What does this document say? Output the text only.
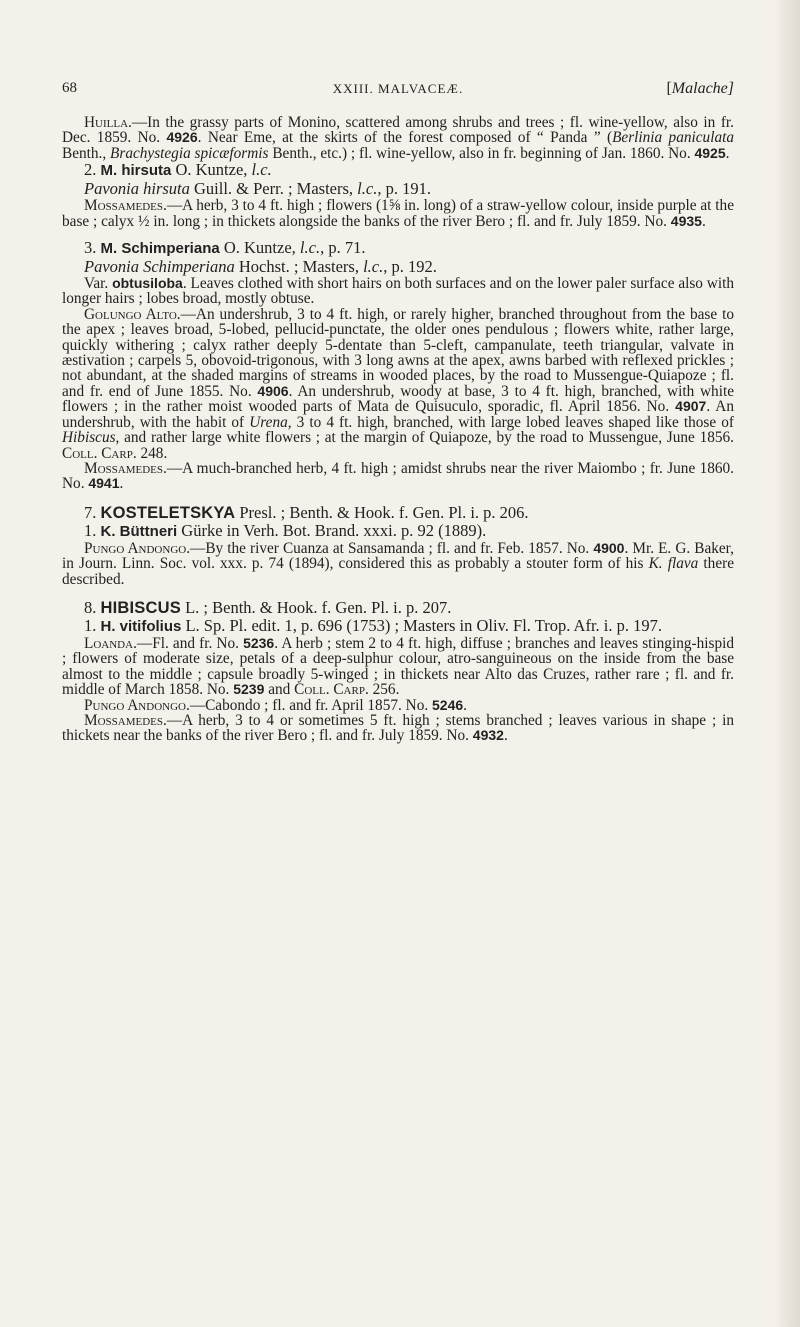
68	XXIII. MALVACEÆ.
[	Malache]

Huilla.—In the grassy parts of Monino, scattered among shrubs and trees ; fl. wine-yellow, also in fr. Dec. 1859. No. 4926. Near Eme, at the skirts of the forest composed of “ Panda ” (Berlinia paniculata Benth., Brachystegia spicæformis Benth., etc.) ; fl. wine-yellow, also in fr. beginning of Jan. 1860. No. 4925.

2. M. hirsuta O. Kuntze, l.c.

Pavonia hirsuta Guill. & Perr. ; Masters, l.c., p. 191.

Mossamedes.—A herb, 3 to 4 ft. high ; flowers (1⅝ in. long) of a straw-yellow colour, inside purple at the base ; calyx ½ in. long ; in thickets alongside the banks of the river Bero ; fl. and fr. July 1859. No. 4935.

3. M. Schimperiana O. Kuntze, l.c., p. 71.

Pavonia Schimperiana Hochst. ; Masters, l.c., p. 192.

Var. obtusiloba. Leaves clothed with short hairs on both surfaces and on the lower paler surface also with longer hairs ; lobes broad, mostly obtuse.

Golungo Alto.—An undershrub, 3 to 4 ft. high, or rarely higher, branched throughout from the base to the apex ; leaves broad, 5-lobed, pellucid-punctate, the older ones pendulous ; flowers white, rather large, quickly withering ; calyx rather deeply 5-dentate than 5-cleft, campanulate, teeth triangular, valvate in æstivation ; carpels 5, obovoid-trigonous, with 3 long awns at the apex, awns barbed with reflexed prickles ; not abundant, at the shaded margins of streams in wooded places, by the road to Mussengue-Quiapoze ; fl. and fr. end of June 1855. No. 4906. An undershrub, woody at base, 3 to 4 ft. high, branched, with white flowers ; in the rather moist wooded parts of Mata de Quisuculo, sporadic, fl. April 1856. No. 4907. An undershrub, with the habit of Urena, 3 to 4 ft. high, branched, with large lobed leaves shaped like those of Hibiscus, and rather large white flowers ; at the margin of Quiapoze, by the road to Mussengue, June 1856. Coll. Carp. 248.

Mossamedes.—A much-branched herb, 4 ft. high ; amidst shrubs near the river Maiombo ; fr. June 1860. No. 4941.

7. KOSTELETSKYA Presl. ; Benth. & Hook. f. Gen. Pl. i. p. 206.

1. K. Büttneri Gürke in Verh. Bot. Brand. xxxi. p. 92 (1889).

Pungo Andongo.—By the river Cuanza at Sansamanda ; fl. and fr. Feb. 1857. No. 4900. Mr. E. G. Baker, in Journ. Linn. Soc. vol. xxx. p. 74 (1894), considered this as probably a stouter form of his K. flava there described.

8. HIBISCUS L. ; Benth. & Hook. f. Gen. Pl. i. p. 207.

1. H. vitifolius L. Sp. Pl. edit. 1, p. 696 (1753) ; Masters in Oliv. Fl. Trop. Afr. i. p. 197.

Loanda.—Fl. and fr. No. 5236. A herb ; stem 2 to 4 ft. high, diffuse ; branches and leaves stinging-hispid ; flowers of moderate size, petals of a deep-sulphur colour, atro-sanguineous on the inside from the base almost to the middle ; capsule broadly 5-winged ; in thickets near Alto das Cruzes, rather rare ; fl. and fr. middle of March 1858. No. 5239 and Coll. Carp. 256.

Pungo Andongo.—Cabondo ; fl. and fr. April 1857. No. 5246.

Mossamedes.—A herb, 3 to 4 or sometimes 5 ft. high ; stems branched ; leaves various in shape ; in thickets near the banks of the river Bero ; fl. and fr. July 1859. No. 4932.
